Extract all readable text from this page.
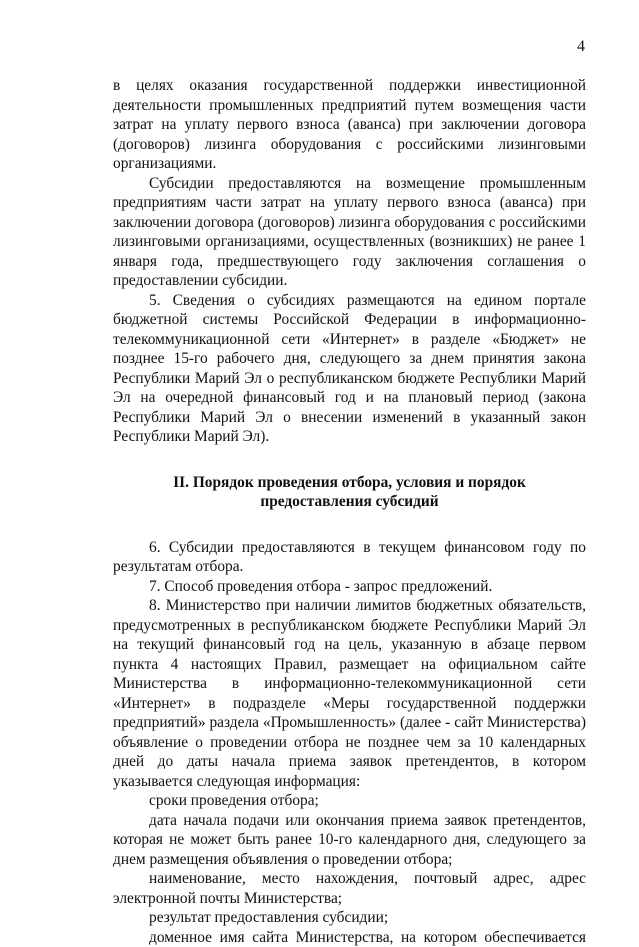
4

в целях оказания государственной поддержки инвестиционной деятельности промышленных предприятий путем возмещения части затрат на уплату первого взноса (аванса) при заключении договора (договоров) лизинга оборудования с российскими лизинговыми организациями.

Субсидии предоставляются на возмещение промышленным предприятиям части затрат на уплату первого взноса (аванса) при заключении договора (договоров) лизинга оборудования с российскими лизинговыми организациями, осуществленных (возникших) не ранее 1 января года, предшествующего году заключения соглашения о предоставлении субсидии.

5. Сведения о субсидиях размещаются на едином портале бюджетной системы Российской Федерации в информационно-телекоммуникационной сети «Интернет» в разделе «Бюджет» не позднее 15-го рабочего дня, следующего за днем принятия закона Республики Марий Эл о республиканском бюджете Республики Марий Эл на очередной финансовый год и на плановый период (закона Республики Марий Эл о внесении изменений в указанный закон Республики Марий Эл).

II. Порядок проведения отбора, условия и порядок
предоставления субсидий

6. Субсидии предоставляются в текущем финансовом году по результатам отбора.

7. Способ проведения отбора - запрос предложений.

8. Министерство при наличии лимитов бюджетных обязательств, предусмотренных в республиканском бюджете Республики Марий Эл на текущий финансовый год на цель, указанную в абзаце первом пункта 4 настоящих Правил, размещает на официальном сайте Министерства в информационно-телекоммуникационной сети «Интернет» в подразделе «Меры государственной поддержки предприятий» раздела «Промышленность» (далее - сайт Министерства) объявление о проведении отбора не позднее чем за 10 календарных дней до даты начала приема заявок претендентов, в котором указывается следующая информация:

сроки проведения отбора;

дата начала подачи или окончания приема заявок претендентов, которая не может быть ранее 10-го календарного дня, следующего за днем размещения объявления о проведении отбора;

наименование, место нахождения, почтовый адрес, адрес электронной почты Министерства;

результат предоставления субсидии;

доменное имя сайта Министерства, на котором обеспечивается
